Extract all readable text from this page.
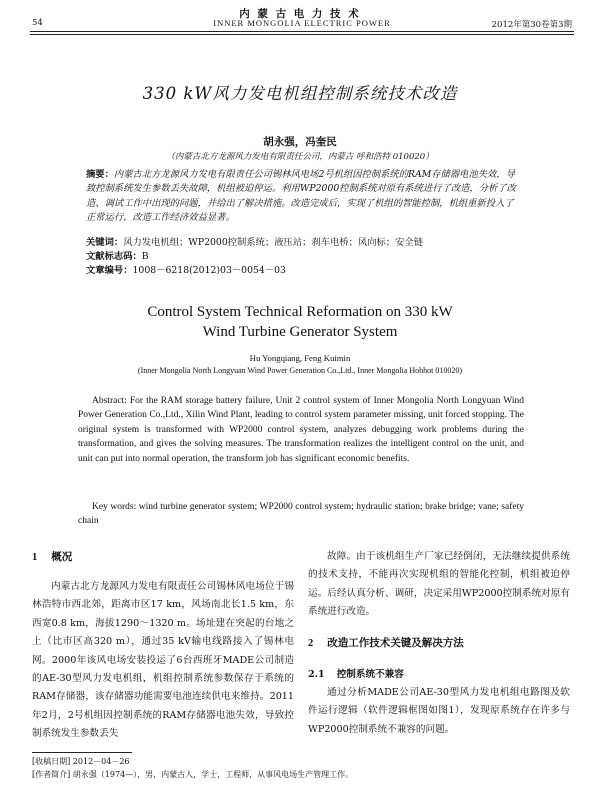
内 蒙 古 电 力 技 术
54	INNER MONGOLIA ELECTRIC POWER	2012年第30卷第3期
330 kW风力发电机组控制系统技术改造
胡永强，冯奎民
（内蒙古北方龙源风力发电有限责任公司，内蒙古 呼和浩特 010020）
摘要：内蒙古北方龙源风力发电有限责任公司锡林风电场2号机组因控制系统的RAM存储器电池失效，导致控制系统发生参数丢失故障，机组被迫停运。利用WP2000控制系统对原有系统进行了改造，分析了改造、调试工作中出现的问题，并给出了解决措施。改造完成后，实现了机组的智能控制，机组重新投入了正常运行，改造工作经济效益显著。
关键词：风力发电机组；WP2000控制系统；液压站；刹车电桥；风向标；安全链
文献标志码：B
文章编号：1008－6218(2012)03－0054－03
Control System Technical Reformation on 330 kW
Wind Turbine Generator System
Hu Yongqiang, Feng Kuimin
(Inner Mongolia North Longyuan Wind Power Generation Co.,Ltd., Inner Mongolia Hohhot 010020)
Abstract: For the RAM storage battery failure, Unit 2 control system of Inner Mongolia North Longyuan Wind Power Generation Co.,Ltd., Xilin Wind Plant, leading to control system parameter missing, unit forced stopping. The original system is transformed with WP2000 control system, analyzes debugging work problems during the transformation, and gives the solving measures. The transformation realizes the intelligent control on the unit, and unit can put into normal operation, the transform job has significant economic benefits.
Key words: wind turbine generator system; WP2000 control system; hydraulic station; brake bridge; vane; safety chain
1 概况

内蒙古北方龙源风力发电有限责任公司锡林风电场位于锡林浩特市西北郊，距离市区17 km，风场南北长1.5 km，东西宽0.8 km，海拔1290～1320 m。场址建在突起的台地之上（比市区高320 m），通过35 kV输电线路接入了锡林电网。2000年该风电场安装投运了6台西班牙MADE公司制造的AE-30型风力发电机组，机组控制系统参数保存于系统的RAM存储器，该存储器功能需要电池连续供电来维持。2011年2月，2号机组因控制系统的RAM存储器电池失效，导致控制系统发生参数丢失

故障。由于该机组生产厂家已经倒闭，无法继续提供系统的技术支持，不能再次实现机组的智能化控制，机组被迫停运。后经认真分析、调研，决定采用WP2000控制系统对原有系统进行改造。

2 改造工作技术关键及解决方法
2.1 控制系统不兼容

通过分析MADE公司AE-30型风力发电机组电路图及软件运行逻辑（软件逻辑框图如图1），发现原系统存在许多与WP2000控制系统不兼容的问题。

[收稿日期] 2012－04－26
[作者简介] 胡永强（1974—），男，内蒙古人，学士，工程师，从事风电场生产管理工作。
